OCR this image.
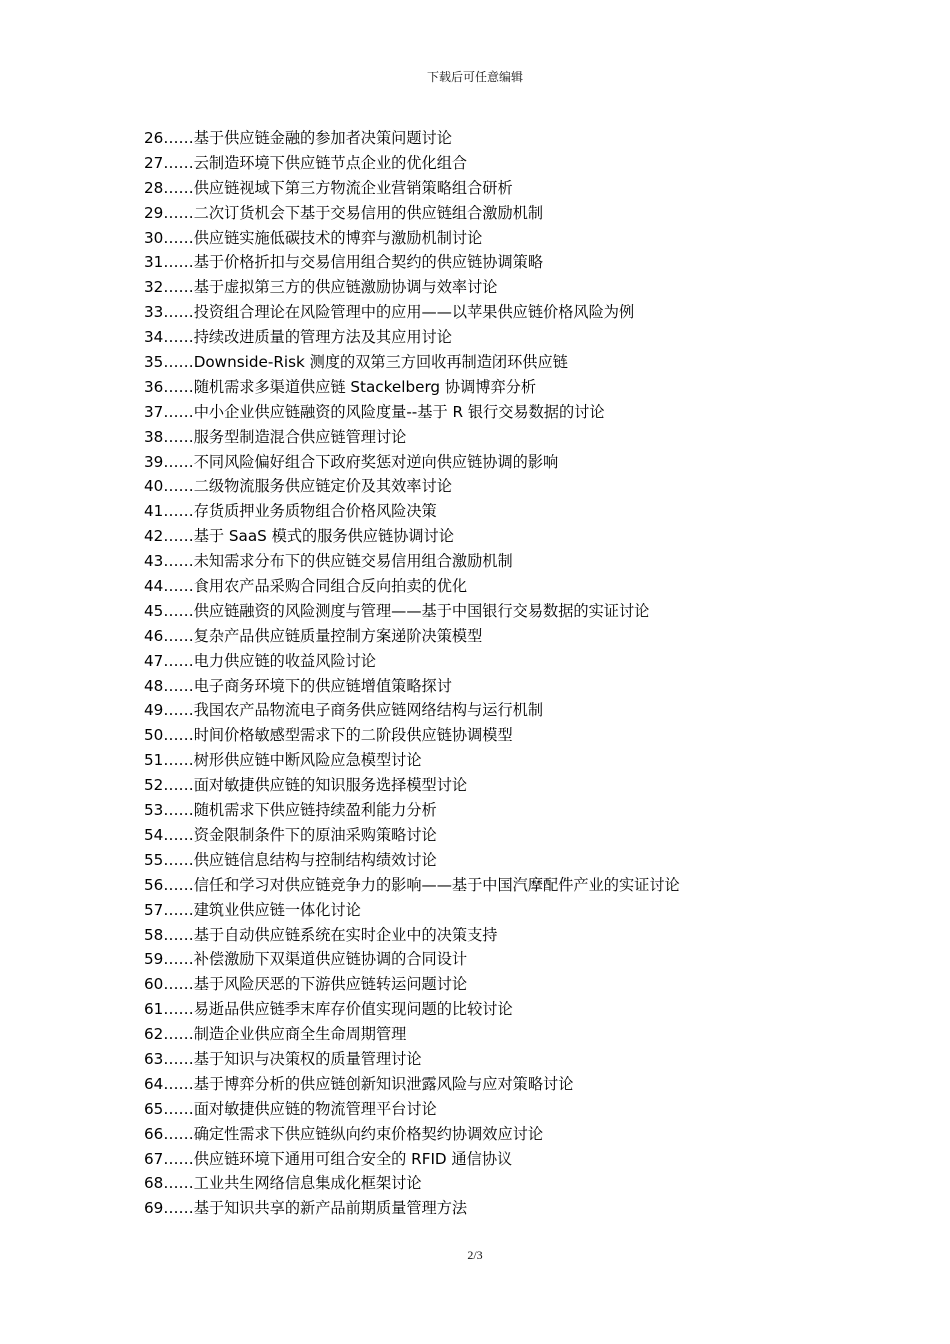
下载后可任意编辑
26……基于供应链金融的参加者决策问题讨论
27……云制造环境下供应链节点企业的优化组合
28……供应链视域下第三方物流企业营销策略组合研析
29……二次订货机会下基于交易信用的供应链组合激励机制
30……供应链实施低碳技术的博弈与激励机制讨论
31……基于价格折扣与交易信用组合契约的供应链协调策略
32……基于虚拟第三方的供应链激励协调与效率讨论
33……投资组合理论在风险管理中的应用——以苹果供应链价格风险为例
34……持续改进质量的管理方法及其应用讨论
35……Downside-Risk 测度的双第三方回收再制造闭环供应链
36……随机需求多渠道供应链 Stackelberg 协调博弈分析
37……中小企业供应链融资的风险度量--基于 R 银行交易数据的讨论
38……服务型制造混合供应链管理讨论
39……不同风险偏好组合下政府奖惩对逆向供应链协调的影响
40……二级物流服务供应链定价及其效率讨论
41……存货质押业务质物组合价格风险决策
42……基于 SaaS 模式的服务供应链协调讨论
43……未知需求分布下的供应链交易信用组合激励机制
44……食用农产品采购合同组合反向拍卖的优化
45……供应链融资的风险测度与管理——基于中国银行交易数据的实证讨论
46……复杂产品供应链质量控制方案递阶决策模型
47……电力供应链的收益风险讨论
48……电子商务环境下的供应链增值策略探讨
49……我国农产品物流电子商务供应链网络结构与运行机制
50……时间价格敏感型需求下的二阶段供应链协调模型
51……树形供应链中断风险应急模型讨论
52……面对敏捷供应链的知识服务选择模型讨论
53……随机需求下供应链持续盈利能力分析
54……资金限制条件下的原油采购策略讨论
55……供应链信息结构与控制结构绩效讨论
56……信任和学习对供应链竞争力的影响——基于中国汽摩配件产业的实证讨论
57……建筑业供应链一体化讨论
58……基于自动供应链系统在实时企业中的决策支持
59……补偿激励下双渠道供应链协调的合同设计
60……基于风险厌恶的下游供应链转运问题讨论
61……易逝品供应链季末库存价值实现问题的比较讨论
62……制造企业供应商全生命周期管理
63……基于知识与决策权的质量管理讨论
64……基于博弈分析的供应链创新知识泄露风险与应对策略讨论
65……面对敏捷供应链的物流管理平台讨论
66……确定性需求下供应链纵向约束价格契约协调效应讨论
67……供应链环境下通用可组合安全的 RFID 通信协议
68……工业共生网络信息集成化框架讨论
69……基于知识共享的新产品前期质量管理方法
2/3
